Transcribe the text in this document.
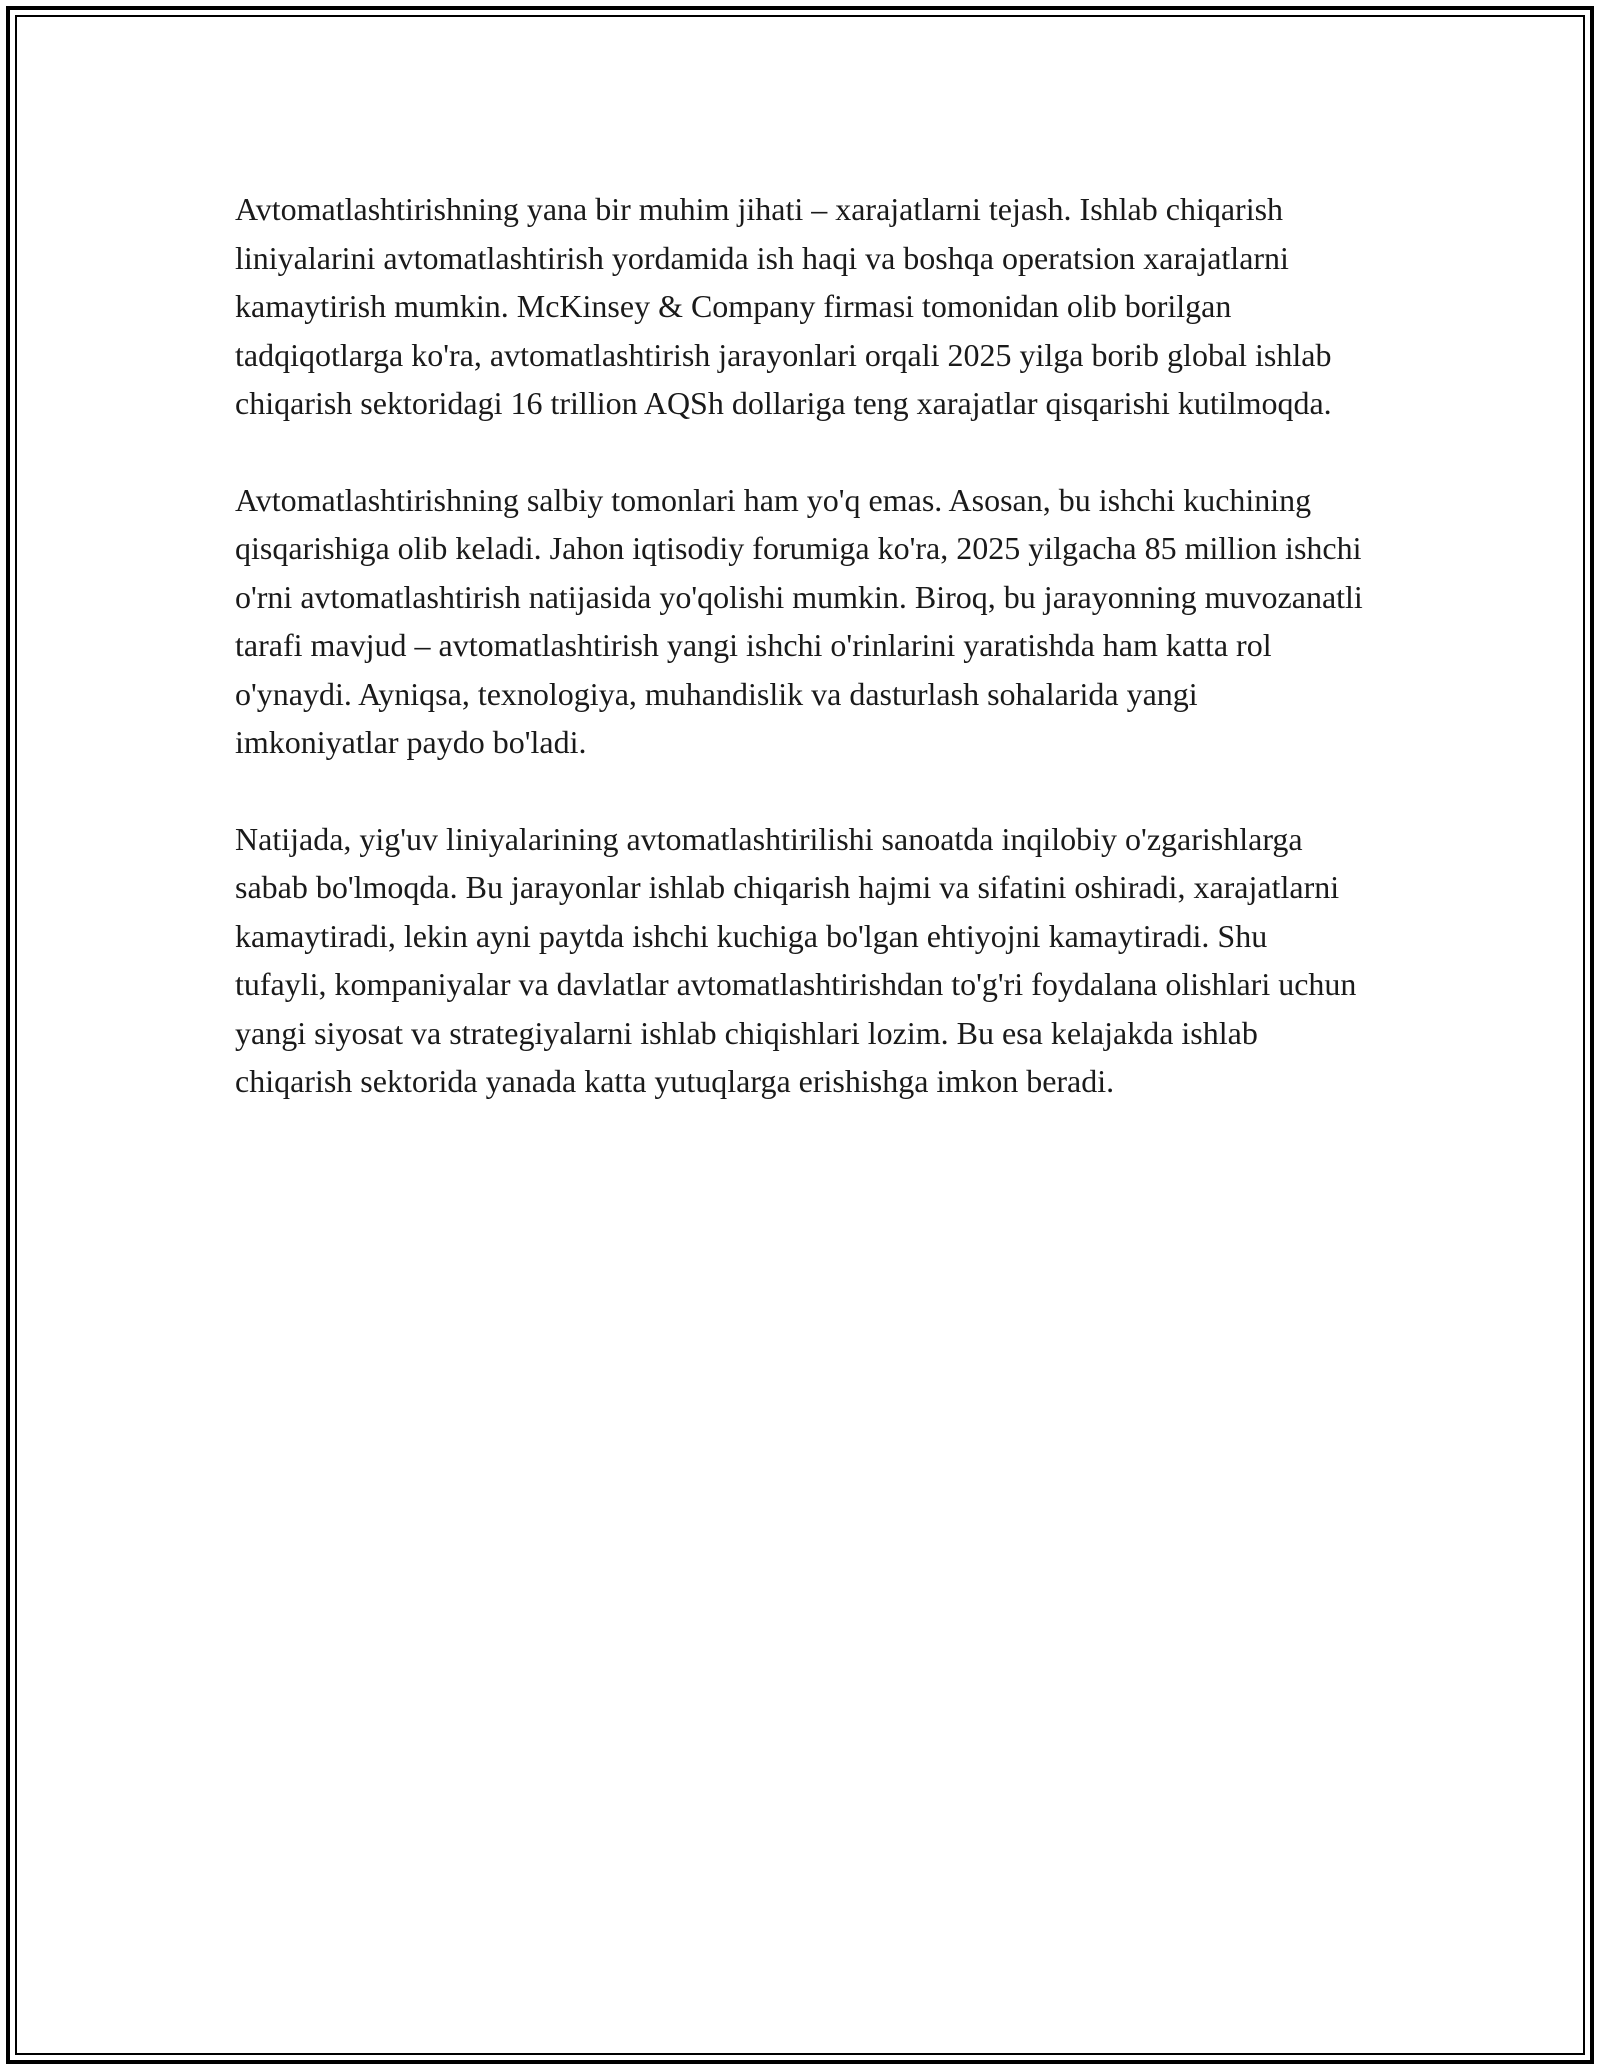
Avtomatlashtirishning yana bir muhim jihati – xarajatlarni tejash. Ishlab chiqarish liniyalarini avtomatlashtirish yordamida ish haqi va boshqa operatsion xarajatlarni kamaytirish mumkin. McKinsey & Company firmasi tomonidan olib borilgan tadqiqotlarga ko'ra, avtomatlashtirish jarayonlari orqali 2025 yilga borib global ishlab chiqarish sektoridagi 16 trillion AQSh dollariga teng xarajatlar qisqarishi kutilmoqda.

Avtomatlashtirishning salbiy tomonlari ham yo'q emas. Asosan, bu ishchi kuchining qisqarishiga olib keladi. Jahon iqtisodiy forumiga ko'ra, 2025 yilgacha 85 million ishchi o'rni avtomatlashtirish natijasida yo'qolishi mumkin. Biroq, bu jarayonning muvozanatli tarafi mavjud – avtomatlashtirish yangi ishchi o'rinlarini yaratishda ham katta rol o'ynaydi. Ayniqsa, texnologiya, muhandislik va dasturlash sohalarida yangi imkoniyatlar paydo bo'ladi.

Natijada, yig'uv liniyalarining avtomatlashtirilishi sanoatda inqilobiy o'zgarishlarga sabab bo'lmoqda. Bu jarayonlar ishlab chiqarish hajmi va sifatini oshiradi, xarajatlarni kamaytiradi, lekin ayni paytda ishchi kuchiga bo'lgan ehtiyojni kamaytiradi. Shu tufayli, kompaniyalar va davlatlar avtomatlashtirishdan to'g'ri foydalana olishlari uchun yangi siyosat va strategiyalarni ishlab chiqishlari lozim. Bu esa kelajakda ishlab chiqarish sektorida yanada katta yutuqlarga erishishga imkon beradi.
